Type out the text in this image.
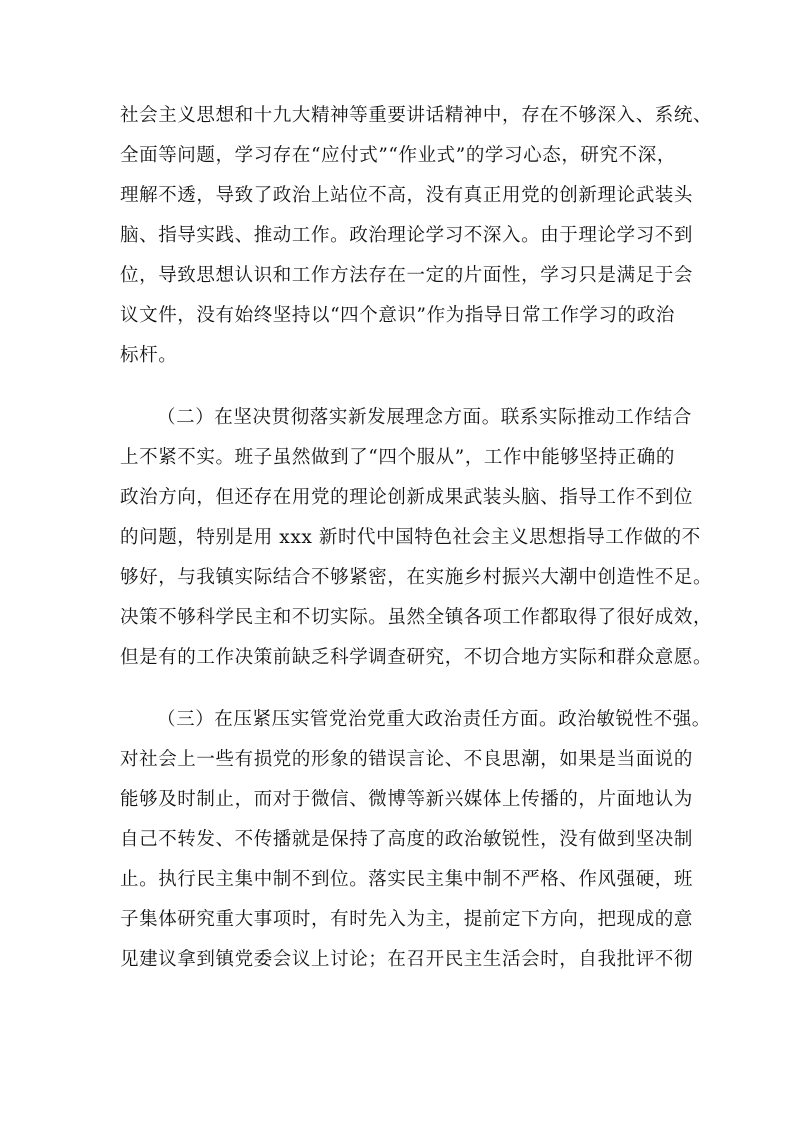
社会主义思想和十九大精神等重要讲话精神中，存在不够深入、系统、
全面等问题，学习存在“应付式”“作业式”的学习心态，研究不深，
理解不透，导致了政治上站位不高，没有真正用党的创新理论武装头
脑、指导实践、推动工作。政治理论学习不深入。由于理论学习不到
位，导致思想认识和工作方法存在一定的片面性，学习只是满足于会
议文件，没有始终坚持以“四个意识”作为指导日常工作学习的政治
标杆。
（二）在坚决贯彻落实新发展理念方面。联系实际推动工作结合
上不紧不实。班子虽然做到了“四个服从”，工作中能够坚持正确的
政治方向，但还存在用党的理论创新成果武装头脑、指导工作不到位
的问题，特别是用 xxx 新时代中国特色社会主义思想指导工作做的不
够好，与我镇实际结合不够紧密，在实施乡村振兴大潮中创造性不足。
决策不够科学民主和不切实际。虽然全镇各项工作都取得了很好成效，
但是有的工作决策前缺乏科学调查研究，不切合地方实际和群众意愿。
（三）在压紧压实管党治党重大政治责任方面。政治敏锐性不强。
对社会上一些有损党的形象的错误言论、不良思潮，如果是当面说的
能够及时制止，而对于微信、微博等新兴媒体上传播的，片面地认为
自己不转发、不传播就是保持了高度的政治敏锐性，没有做到坚决制
止。执行民主集中制不到位。落实民主集中制不严格、作风强硬，班
子集体研究重大事项时，有时先入为主，提前定下方向，把现成的意
见建议拿到镇党委会议上讨论；在召开民主生活会时，自我批评不彻
